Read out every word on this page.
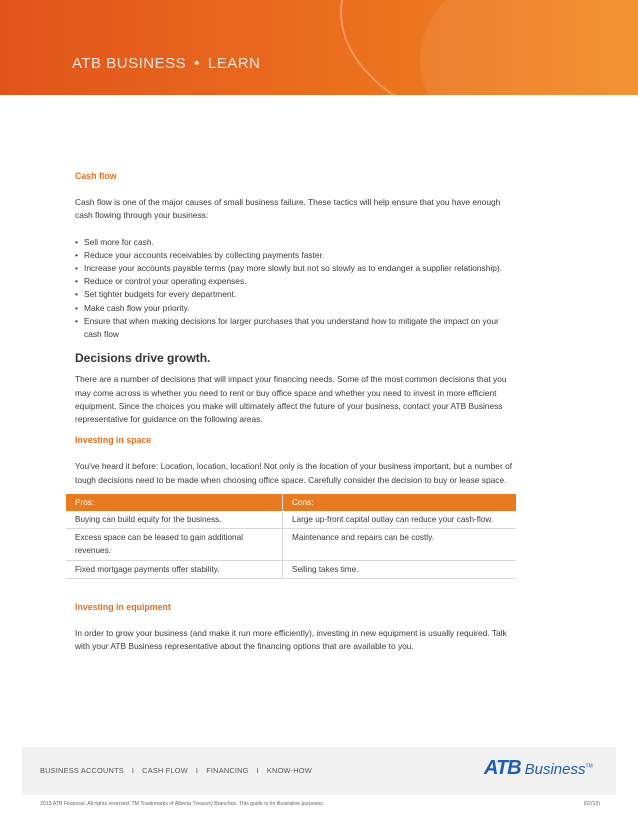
ATB BUSINESS • LEARN
Cash flow

Cash flow is one of the major causes of small business failure. These tactics will help ensure that you have enough cash flowing through your business:

• Sell more for cash.
• Reduce your accounts receivables by collecting payments faster.
• Increase your accounts payable terms (pay more slowly but not so slowly as to endanger a supplier relationship).
• Reduce or control your operating expenses.
• Set tighter budgets for every department.
• Make cash flow your priority.
• Ensure that when making decisions for larger purchases that you understand how to mitigate the impact on your cash flow
Decisions drive growth.

There are a number of decisions that will impact your financing needs. Some of the most common decisions that you may come across is whether you need to rent or buy office space and whether you need to invest in more efficient equipment. Since the choices you make will ultimately affect the future of your business, contact your ATB Business representative for guidance on the following areas.

Investing in space

You've heard it before: Location, location, location! Not only is the location of your business important, but a number of tough decisions need to be made when choosing office space. Carefully consider the decision to buy or lease space.

Pros:	Cons:
Buying can build equity for the business.	Large up-front capital outlay can reduce your cash-flow.
Excess space can be leased to gain additional revenues.	Maintenance and repairs can be costly.
Fixed mortgage payments offer stability.	Selling takes time.
Investing in equipment

In order to grow your business (and make it run more efficiently), investing in new equipment is usually required. Talk with your ATB Business representative about the financing options that are available to you.

BUSINESS ACCOUNTS I CASH FLOW I FINANCING I KNOW-HOW	ATB Business™
2013 ATB Financial. All rights reserved. TM Trademarks of Alberta Treasury Branches. This guide is for illustrative purposes.	(02/13)
